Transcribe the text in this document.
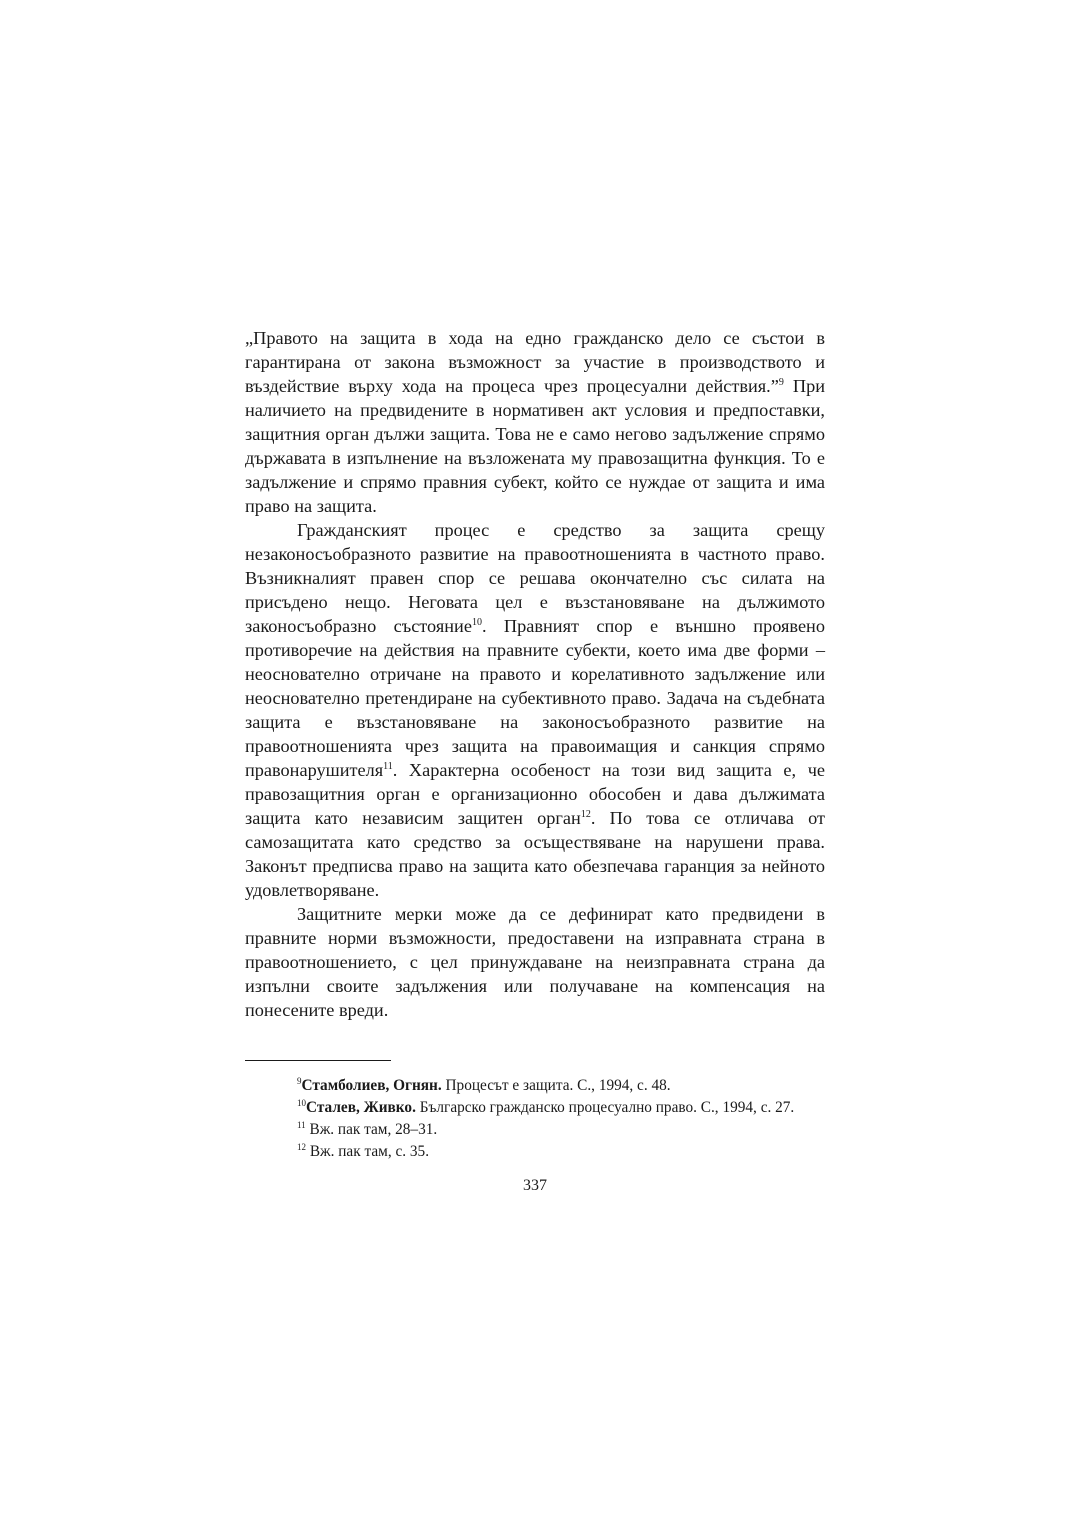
„Правото на защита в хода на едно гражданско дело се състои в гарантирана от закона възможност за участие в производството и въздействие върху хода на процеса чрез процесуални действия.”$^9$ При наличието на предвидените в нормативен акт условия и предпоставки, защитния орган дължи защита. Това не е само негово задължение спрямо държавата в изпълнение на възложената му правозащитна функция. То е задължение и спрямо правния субект, който се нуждае от защита и има право на защита.

Гражданският процес е средство за защита срещу незаконосъобразното развитие на правоотношенията в частното право. Възникналият правен спор се решава окончателно със силата на присъдено нещо. Неговата цел е възстановяване на дължимото законосъобразно състояние$^{10}$. Правният спор е външно проявено противоречие на действия на правните субекти, което има две форми – неоснователно отричане на правото и корелативното задължение или неоснователно претендиране на субективното право. Задача на съдебната защита е възстановяване на законосъобразното развитие на правоотношенията чрез защита на правоимащия и санкция спрямо правонарушителя$^{11}$. Характерна особеност на този вид защита е, че правозащитния орган е организационно обособен и дава дължимата защита като независим защитен орган$^{12}$. По това се отличава от самозащитата като средство за осъществяване на нарушени права. Законът предписва право на защита като обезпечава гаранция за нейното удовлетворяване.

Защитните мерки може да се дефинират като предвидени в правните норми възможности, предоставени на изправната страна в правоотношението, с цел принуждаване на неизправната страна да изпълни своите задължения или получаване на компенсация на понесените вреди.

$^9$Стамболиев, Огнян. Процесът е защита. С., 1994, с. 48.

$^{10}$Сталев, Живко. Българско гражданско процесуално право. С., 1994, с. 27.

$^{11}$ Вж. пак там, 28–31.

$^{12}$ Вж. пак там, с. 35.

337
